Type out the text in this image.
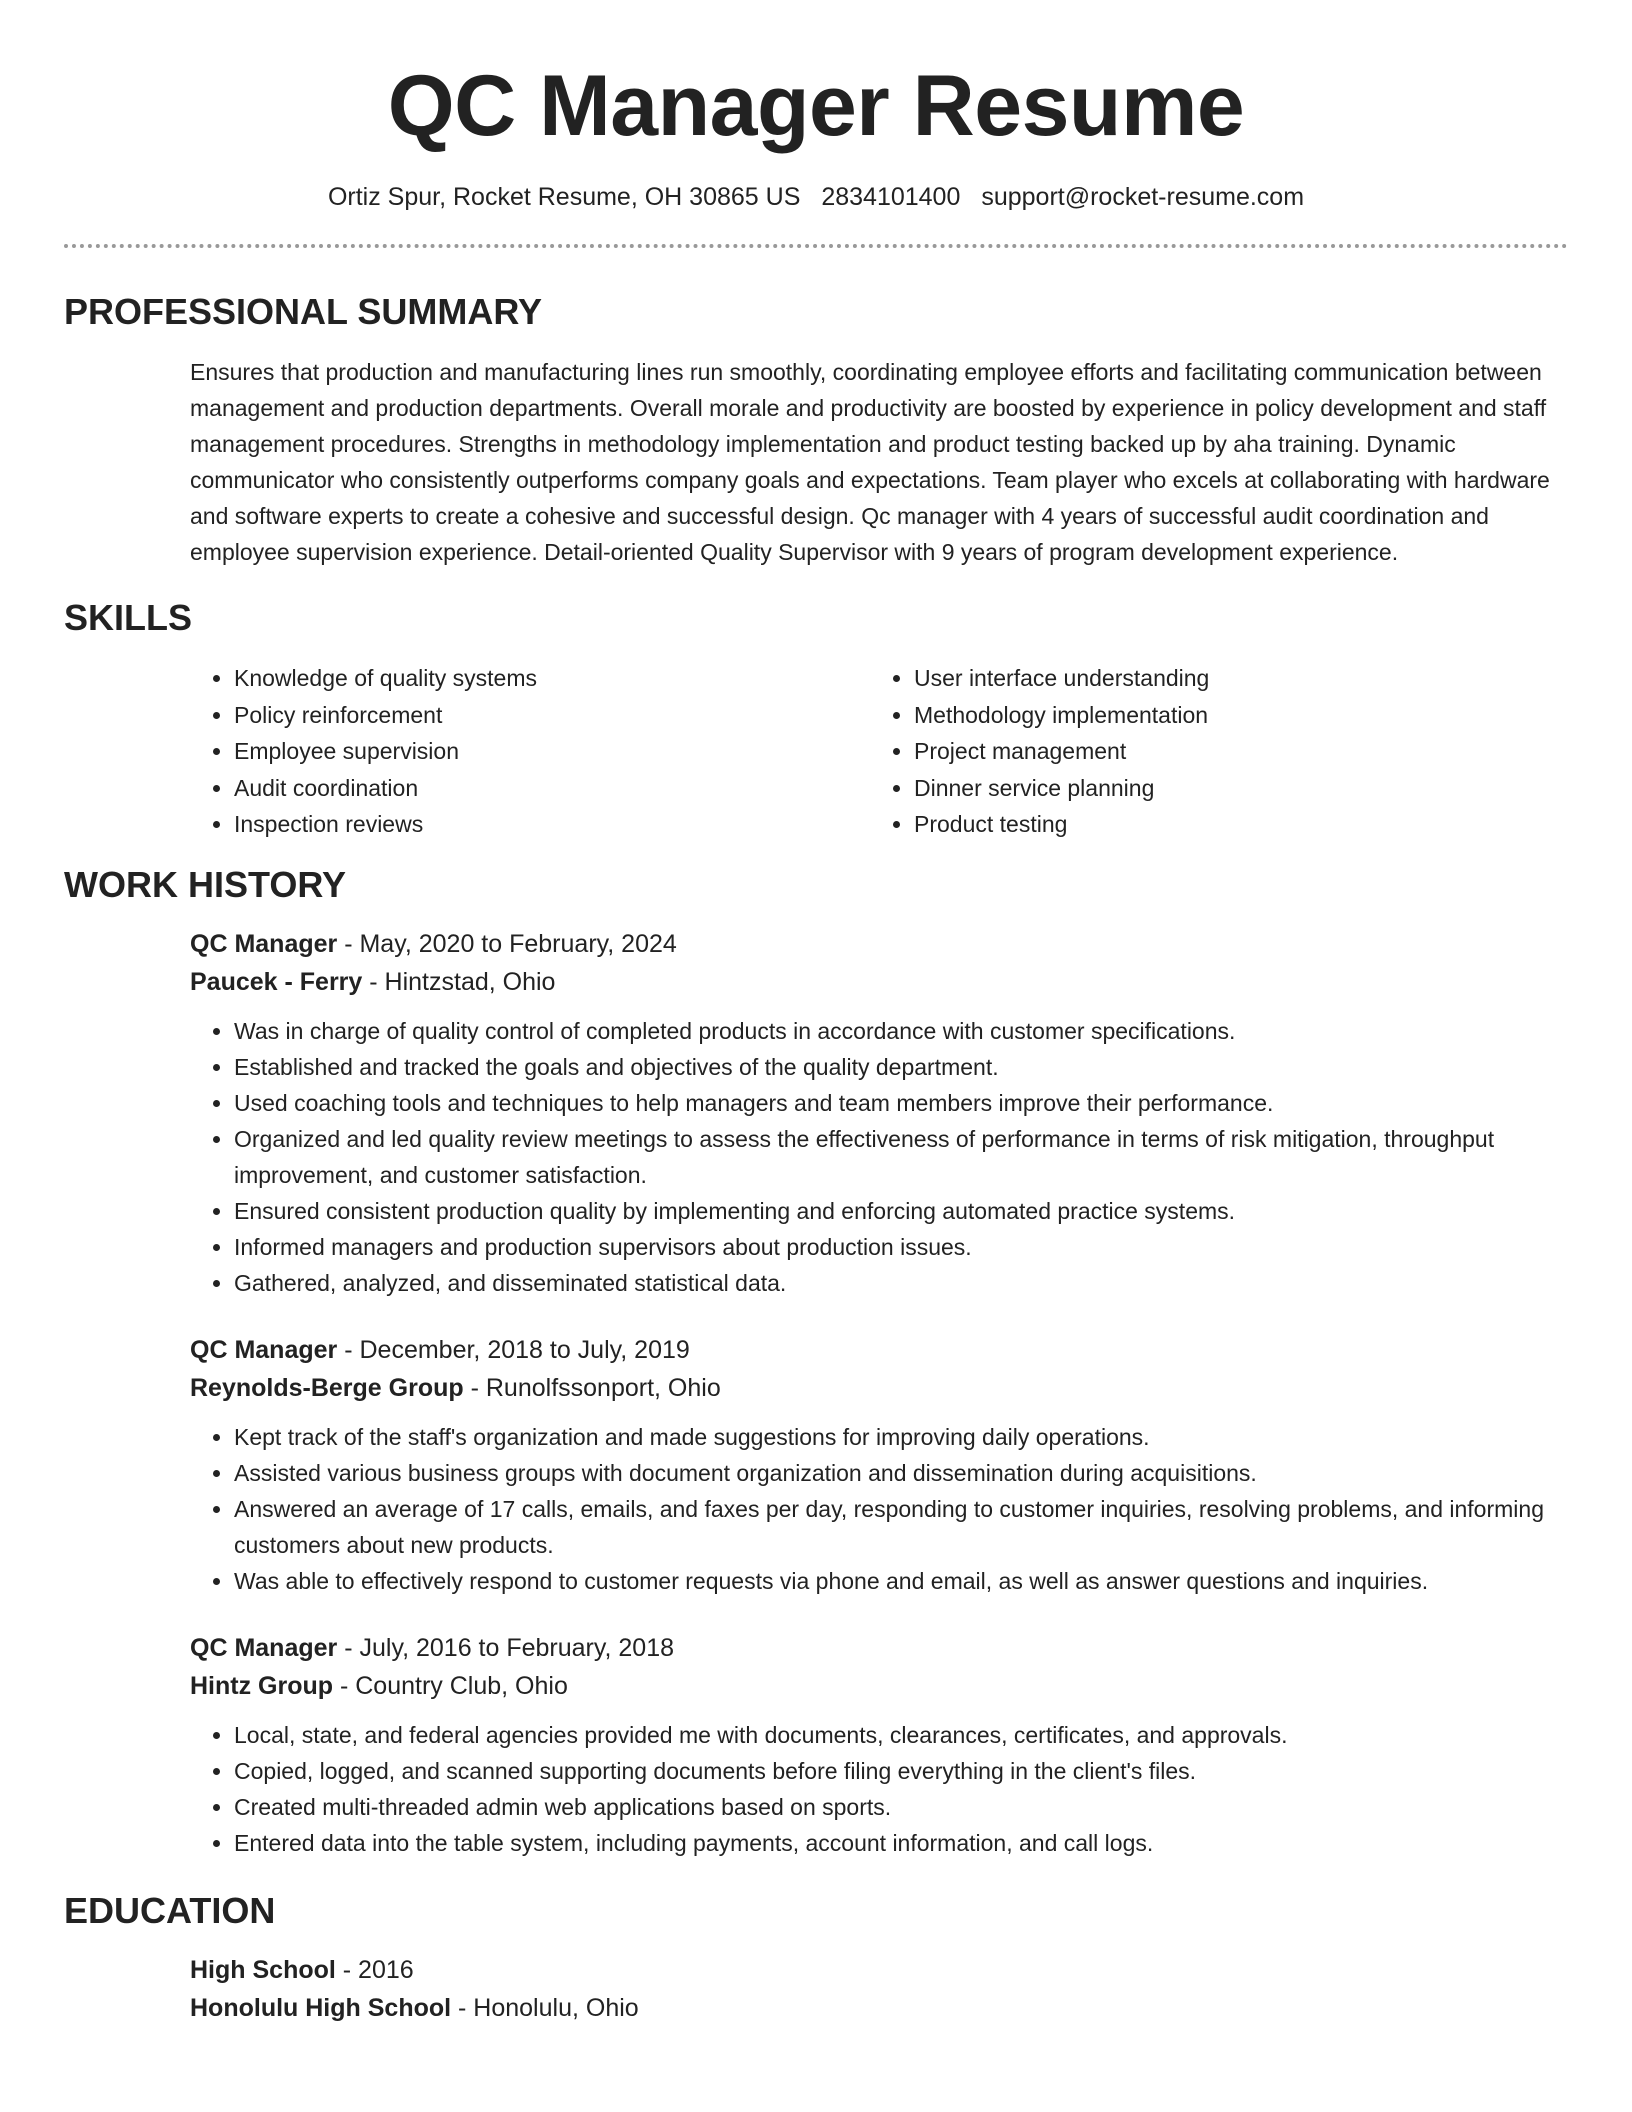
QC Manager Resume
Ortiz Spur, Rocket Resume, OH 30865 US 2834101400 support@rocket-resume.com
PROFESSIONAL SUMMARY
Ensures that production and manufacturing lines run smoothly, coordinating employee efforts and facilitating communication between management and production departments. Overall morale and productivity are boosted by experience in policy development and staff management procedures. Strengths in methodology implementation and product testing backed up by aha training. Dynamic communicator who consistently outperforms company goals and expectations. Team player who excels at collaborating with hardware and software experts to create a cohesive and successful design. Qc manager with 4 years of successful audit coordination and employee supervision experience. Detail-oriented Quality Supervisor with 9 years of program development experience.
SKILLS
• Knowledge of quality systems
• Policy reinforcement
• Employee supervision
• Audit coordination
• Inspection reviews
• User interface understanding
• Methodology implementation
• Project management
• Dinner service planning
• Product testing
WORK HISTORY
QC Manager - May, 2020 to February, 2024
Paucek - Ferry - Hintzstad, Ohio
• Was in charge of quality control of completed products in accordance with customer specifications.
• Established and tracked the goals and objectives of the quality department.
• Used coaching tools and techniques to help managers and team members improve their performance.
• Organized and led quality review meetings to assess the effectiveness of performance in terms of risk mitigation, throughput improvement, and customer satisfaction.
• Ensured consistent production quality by implementing and enforcing automated practice systems.
• Informed managers and production supervisors about production issues.
• Gathered, analyzed, and disseminated statistical data.
QC Manager - December, 2018 to July, 2019
Reynolds-Berge Group - Runolfssonport, Ohio
• Kept track of the staff's organization and made suggestions for improving daily operations.
• Assisted various business groups with document organization and dissemination during acquisitions.
• Answered an average of 17 calls, emails, and faxes per day, responding to customer inquiries, resolving problems, and informing customers about new products.
• Was able to effectively respond to customer requests via phone and email, as well as answer questions and inquiries.
QC Manager - July, 2016 to February, 2018
Hintz Group - Country Club, Ohio
• Local, state, and federal agencies provided me with documents, clearances, certificates, and approvals.
• Copied, logged, and scanned supporting documents before filing everything in the client's files.
• Created multi-threaded admin web applications based on sports.
• Entered data into the table system, including payments, account information, and call logs.
EDUCATION
High School - 2016
Honolulu High School - Honolulu, Ohio
